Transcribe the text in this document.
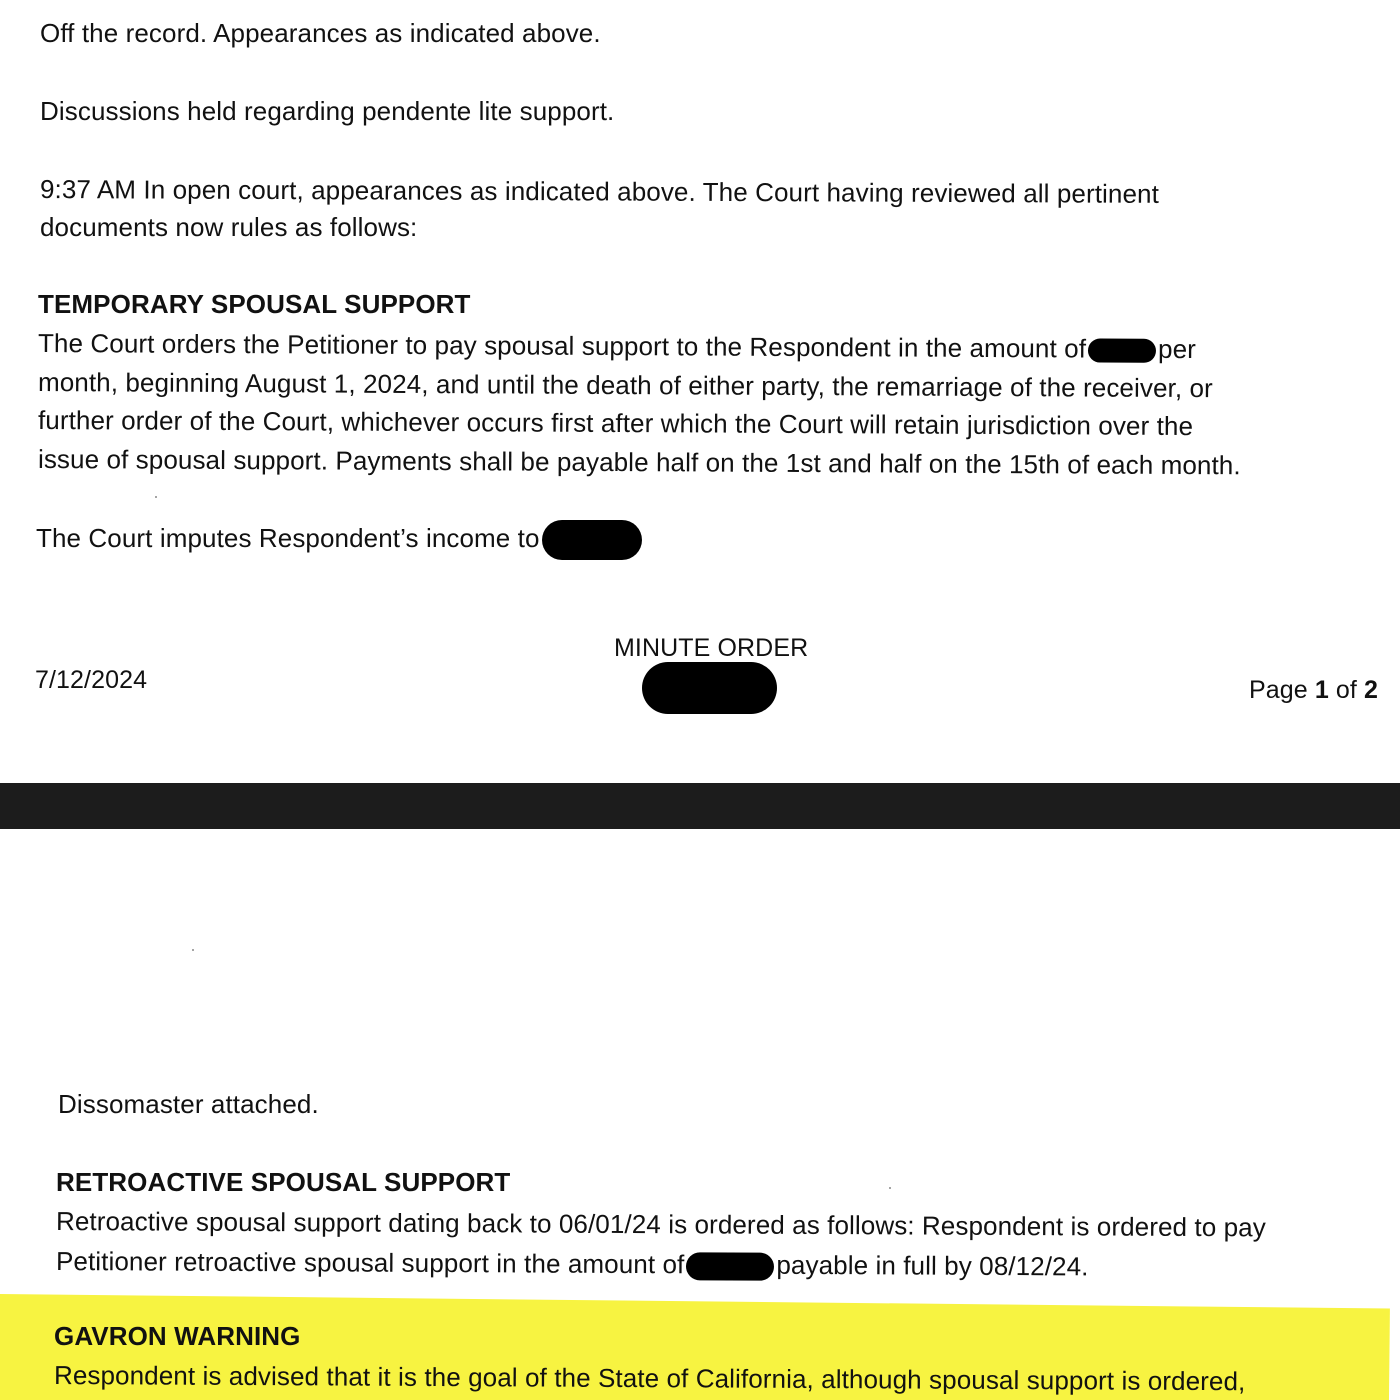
Off the record. Appearances as indicated above.
Discussions held regarding pendente lite support.
9:37 AM In open court, appearances as indicated above. The Court having reviewed all pertinent
documents now rules as follows:
TEMPORARY SPOUSAL SUPPORT
The Court orders the Petitioner to pay spousal support to the Respondent in the amount of	per
month, beginning August 1, 2024, and until the death of either party, the remarriage of the receiver, or
further order of the Court, whichever occurs first after which the Court will retain jurisdiction over the
issue of spousal support. Payments shall be payable half on the 1st and half on the 15th of each month.
The Court imputes Respondent’s income to
MINUTE ORDER
7/12/2024	Page 1 of 2
Dissomaster attached.
RETROACTIVE SPOUSAL SUPPORT
Retroactive spousal support dating back to 06/01/24 is ordered as follows: Respondent is ordered to pay
Petitioner retroactive spousal support in the amount of	payable in full by 08/12/24.
GAVRON WARNING
Respondent is advised that it is the goal of the State of California, although spousal support is ordered,
